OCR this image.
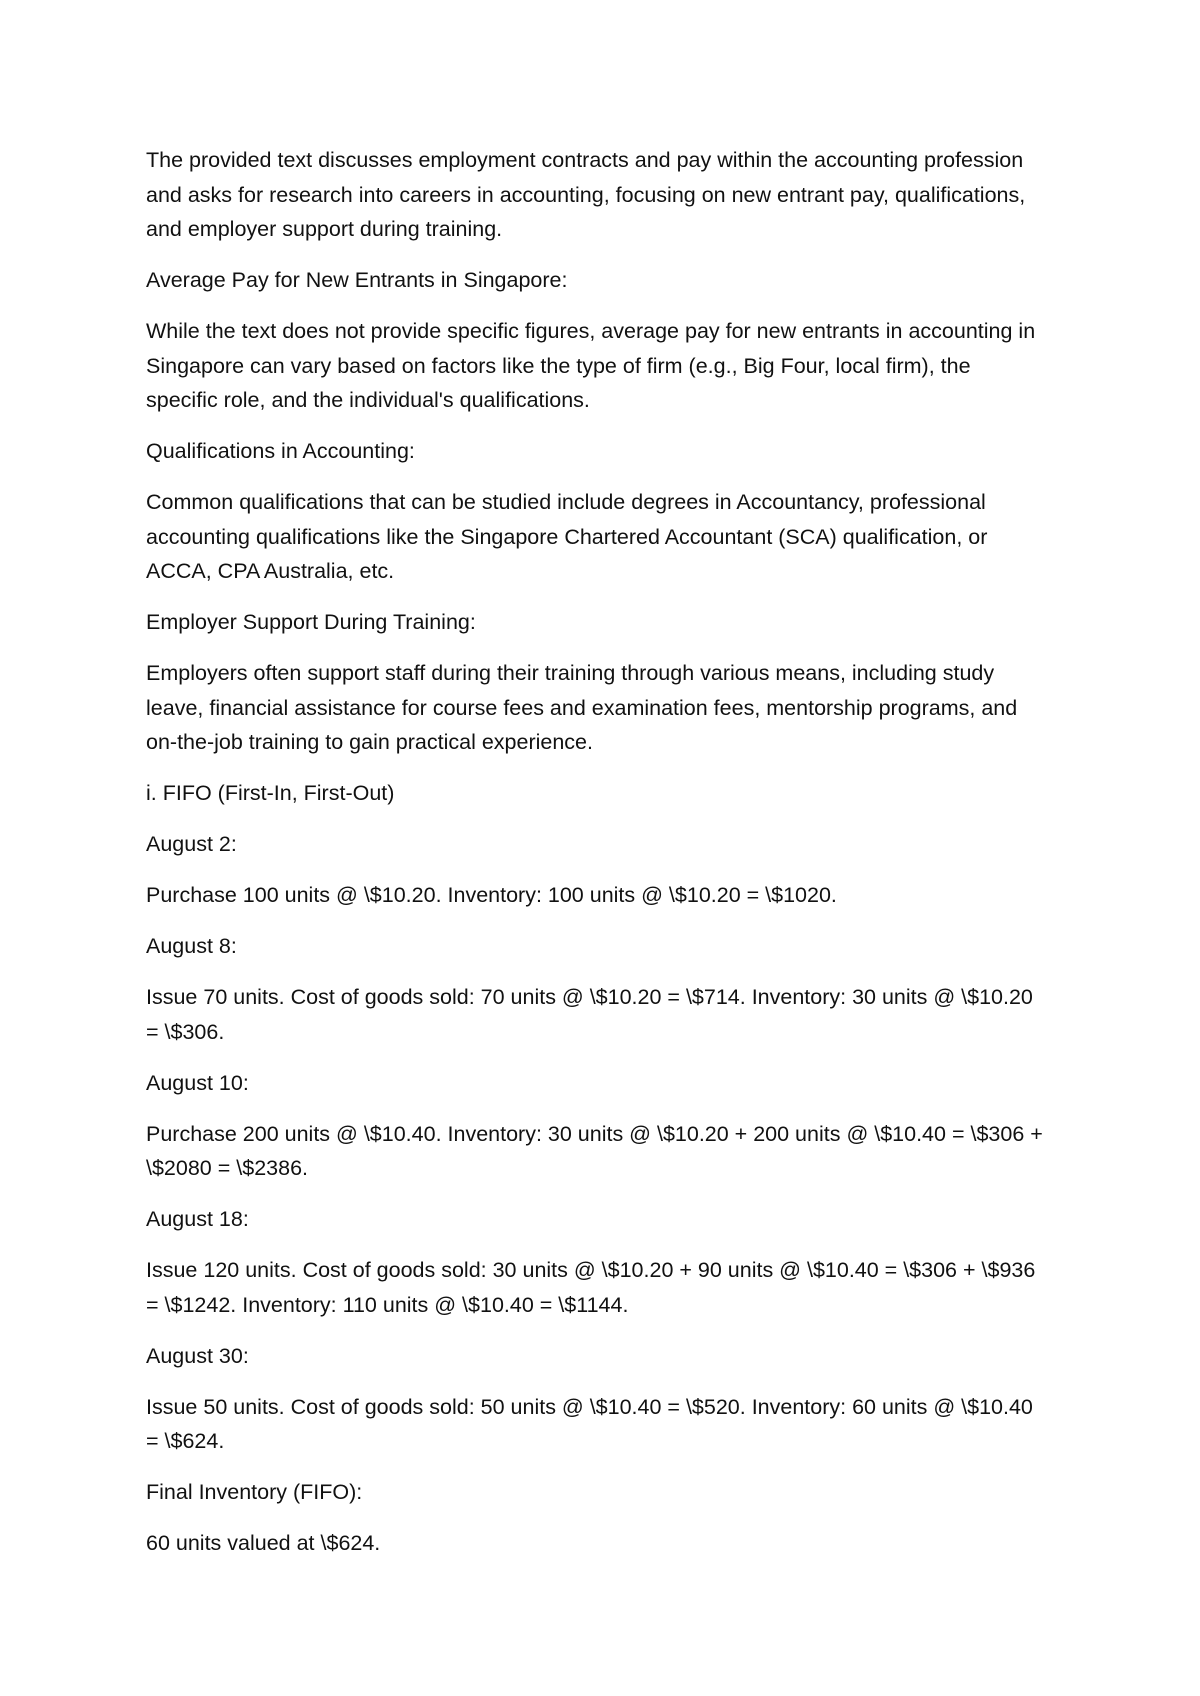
The provided text discusses employment contracts and pay within the accounting profession and asks for research into careers in accounting, focusing on new entrant pay, qualifications, and employer support during training.

Average Pay for New Entrants in Singapore:

While the text does not provide specific figures, average pay for new entrants in accounting in Singapore can vary based on factors like the type of firm (e.g., Big Four, local firm), the specific role, and the individual's qualifications.

Qualifications in Accounting:

Common qualifications that can be studied include degrees in Accountancy, professional accounting qualifications like the Singapore Chartered Accountant (SCA) qualification, or ACCA, CPA Australia, etc.

Employer Support During Training:

Employers often support staff during their training through various means, including study leave, financial assistance for course fees and examination fees, mentorship programs, and on-the-job training to gain practical experience.

i. FIFO (First-In, First-Out)

August 2:

Purchase 100 units @ \$10.20. Inventory: 100 units @ \$10.20 = \$1020.

August 8:

Issue 70 units. Cost of goods sold: 70 units @ \$10.20 = \$714. Inventory: 30 units @ \$10.20 = \$306.

August 10:

Purchase 200 units @ \$10.40. Inventory: 30 units @ \$10.20 + 200 units @ \$10.40 = \$306 + \$2080 = \$2386.

August 18:

Issue 120 units. Cost of goods sold: 30 units @ \$10.20 + 90 units @ \$10.40 = \$306 + \$936 = \$1242. Inventory: 110 units @ \$10.40 = \$1144.

August 30:

Issue 50 units. Cost of goods sold: 50 units @ \$10.40 = \$520. Inventory: 60 units @ \$10.40 = \$624.

Final Inventory (FIFO):

60 units valued at \$624.
